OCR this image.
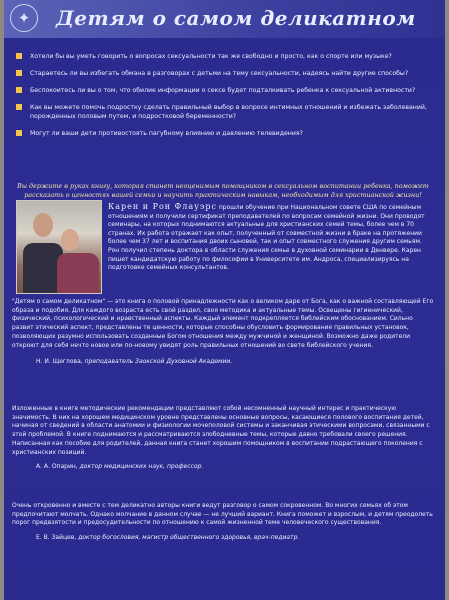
✦	Детям о самом деликатном
Хотели бы вы уметь говорить о вопросах сексуальности так же свободно и просто, как о спорте или музыке?
Стараетесь ли вы избегать обмана в разговорах с детьми на тему сексуальности, надеясь найти другие способы?
Беспокоитесь ли вы о том, что обилие информации о сексе будет подталкивать ребенка к сексуальной активности?
Как вы можете помочь подростку сделать правильный выбор в вопросе интимных отношений и избежать заболеваний, порожденных половым путем, и подростковой беременности?
Могут ли ваши дети противостоять пагубному влиянию и давлению телевидения?
Вы держите в руках книгу, которая станет неоценимым помощником в сексуальном воспитании ребенка, поможет рассказать о ценностях вашей семьи и научить практическим навыкам, необходимым для христианской жизни!
Карен и Рон Флауэрс прошли обучение при Национальном совете США по семейным отношениям и получили сертификат преподавателей по вопросам семейной жизни. Они проводят семинары, на которых поднимаются актуальные для христианских семей темы, более чем в 70 странах. Их работа отражает как опыт, полученный от совместной жизни в браке на протяжении более чем 37 лет и воспитания двоих сыновей, так и опыт совместного служения другим семьям. Рон получил степень доктора в области служения семье в духовной семинарии в Денвере. Карен пишет кандидатскую работу по философии в Университете им. Андроса, специализируясь на подготовке семейных консультантов.
"Детям о самом деликатном" — это книга о половой принадлежности как о великом даре от Бога, как о важной составляющей Его образа и подобия. Для каждого возраста есть свой раздел, своя методика и актуальные темы. Освещены гигиенический, физический, психологический и нравственный аспекты. Каждый элемент подкрепляется библейским обоснованием. Сильно развит этический аспект, представлены те ценности, которые способны обусловить формирование правильных установок, позволяющих разумно использовать созданные Богом отношения между мужчиной и женщиной. Возможно даже родители откроют для себя нечто новое или по-новому увидят роль правильных отношений во свете библейского учения.
Н. И. Щеглова, преподаватель Заокской Духовной Академии.
Изложенные в книге методические рекомендации представляют собой несомненный научный интерес и практическую значимость. В них на хорошем медицинском уровне представлены основные вопросы, касающиеся полового воспитания детей, начиная от сведений в области анатомии и физиологии мочеполовой системы и заканчивая этическими вопросами, связанными с этой проблемой. В книге поднимаются и рассматриваются злободневные темы, которые давно требовали своего решения. Написанная как пособие для родителей, данная книга станет хорошим помощником в воспитании подрастающего поколения с христианских позиций.
А. А. Опарин, доктор медицинских наук, профессор.
Очень откровенно и вместе с тем деликатно авторы книги ведут разговор о самом сокровенном. Во многих семьях об этом предпочитают молчать. Однако молчание в данном случае — не лучший вариант. Книга поможет и взрослым, и детям преодолеть порог предвзятости и предосудительности по отношению к самой жизненной теме человеческого существования.
Е. В. Зайцев, доктор богословия, магистр общественного здоровья, врач-педиатр.
